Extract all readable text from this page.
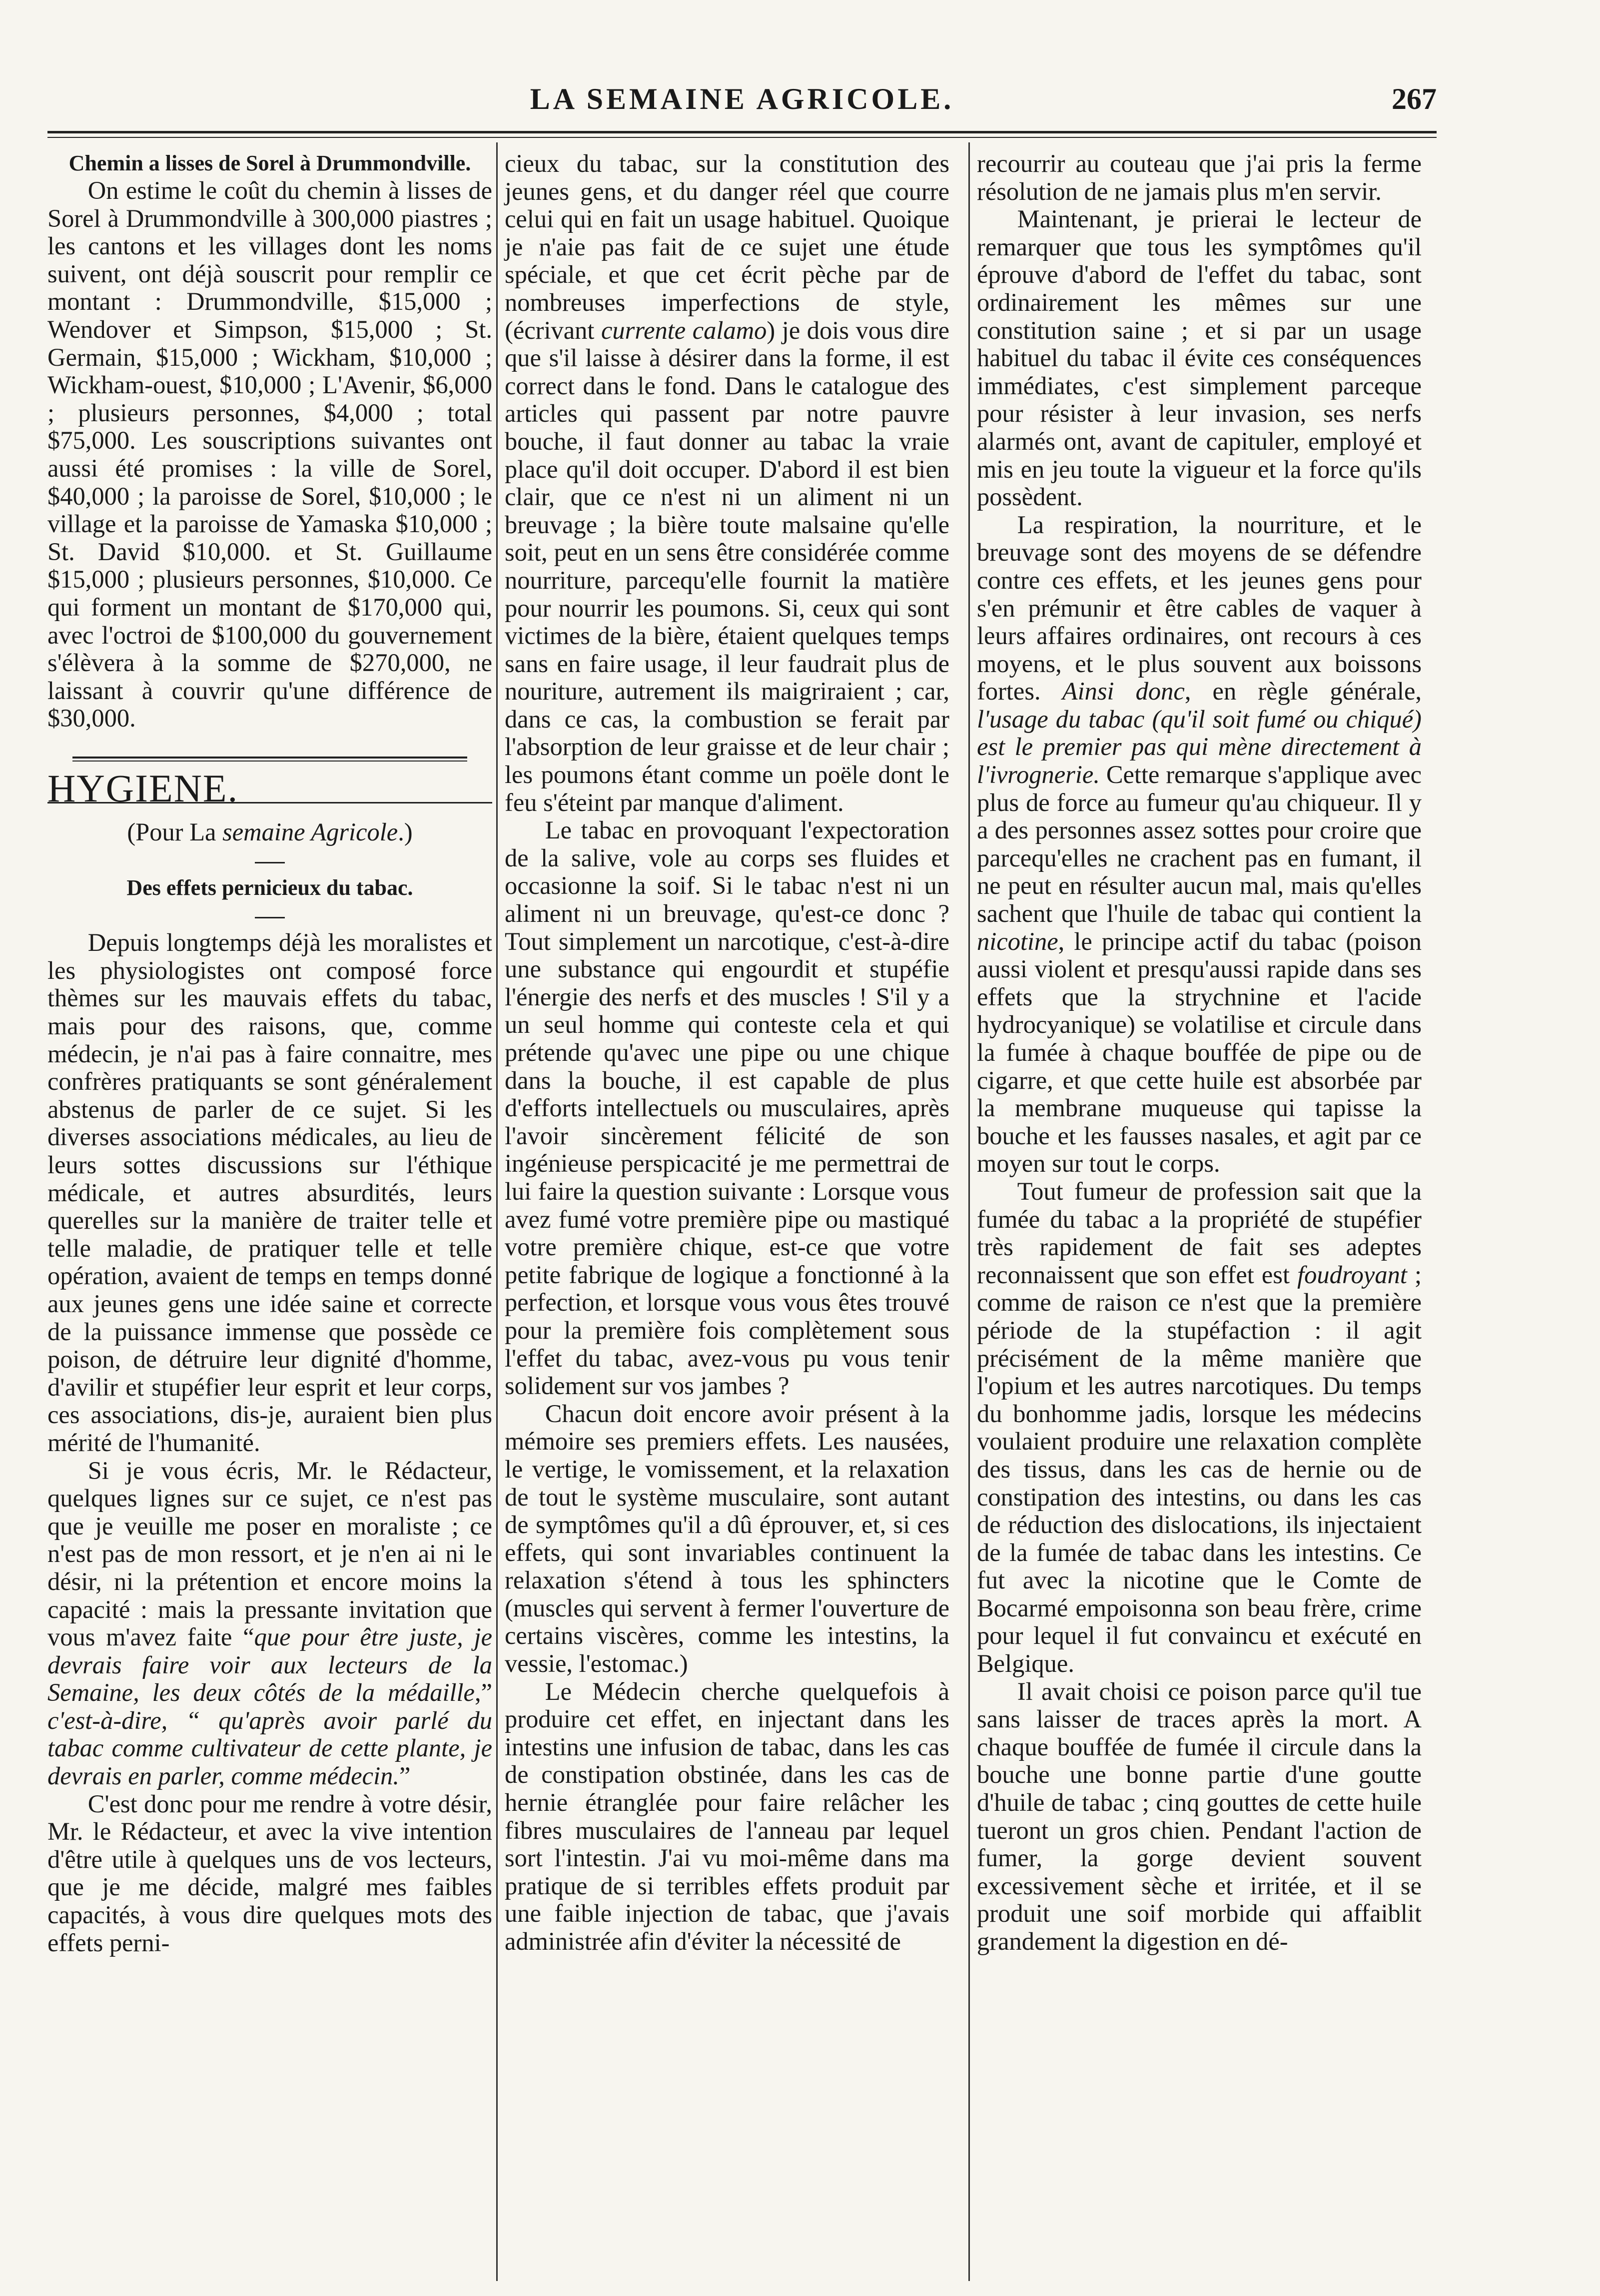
LA SEMAINE AGRICOLE.	267

Chemin a lisses de Sorel à Drummondville.

On estime le coût du chemin à lisses de Sorel à Drummondville à 300,000 piastres ; les cantons et les villages dont les noms suivent, ont déjà souscrit pour remplir ce montant : Drummondville, $15,000 ; Wendover et Simpson, $15,000 ; St. Germain, $15,000 ; Wickham, $10,000 ; Wickham-ouest, $10,000 ; L'Avenir, $6,000 ; plusieurs personnes, $4,000 ; total $75,000. Les souscriptions suivantes ont aussi été promises : la ville de Sorel, $40,000 ; la paroisse de Sorel, $10,000 ; le village et la paroisse de Yamaska $10,000 ; St. David $10,000. et St. Guillaume $15,000 ; plusieurs personnes, $10,000. Ce qui forment un montant de $170,000 qui, avec l'octroi de $100,000 du gouvernement s'élèvera à la somme de $270,000, ne laissant à couvrir qu'une différence de $30,000.

HYGIENE.

(Pour La semaine Agricole.)

Des effets pernicieux du tabac.

Depuis longtemps déjà les moralistes et les physiologistes ont composé force thèmes sur les mauvais effets du tabac, mais pour des raisons, que, comme médecin, je n'ai pas à faire connaitre, mes confrères pratiquants se sont généralement abstenus de parler de ce sujet. Si les diverses associations médicales, au lieu de leurs sottes discussions sur l'éthique médicale, et autres absurdités, leurs querelles sur la manière de traiter telle et telle maladie, de pratiquer telle et telle opération, avaient de temps en temps donné aux jeunes gens une idée saine et correcte de la puissance immense que possède ce poison, de détruire leur dignité d'homme, d'avilir et stupéfier leur esprit et leur corps, ces associations, dis-je, auraient bien plus mérité de l'humanité.

Si je vous écris, Mr. le Rédacteur, quelques lignes sur ce sujet, ce n'est pas que je veuille me poser en moraliste ; ce n'est pas de mon ressort, et je n'en ai ni le désir, ni la prétention et encore moins la capacité : mais la pressante invitation que vous m'avez faite “que pour être juste, je devrais faire voir aux lecteurs de la Semaine, les deux côtés de la médaille,” c'est-à-dire, “ qu'après avoir parlé du tabac comme cultivateur de cette plante, je devrais en parler, comme médecin.”

C'est donc pour me rendre à votre désir, Mr. le Rédacteur, et avec la vive intention d'être utile à quelques uns de vos lecteurs, que je me décide, malgré mes faibles capacités, à vous dire quelques mots des effets perni-

cieux du tabac, sur la constitution des jeunes gens, et du danger réel que courre celui qui en fait un usage habituel. Quoique je n'aie pas fait de ce sujet une étude spéciale, et que cet écrit pèche par de nombreuses imperfections de style, (écrivant currente calamo) je dois vous dire que s'il laisse à désirer dans la forme, il est correct dans le fond. Dans le catalogue des articles qui passent par notre pauvre bouche, il faut donner au tabac la vraie place qu'il doit occuper. D'abord il est bien clair, que ce n'est ni un aliment ni un breuvage ; la bière toute malsaine qu'elle soit, peut en un sens être considérée comme nourriture, parcequ'elle fournit la matière pour nourrir les poumons. Si, ceux qui sont victimes de la bière, étaient quelques temps sans en faire usage, il leur faudrait plus de nouriture, autrement ils maigriraient ; car, dans ce cas, la combustion se ferait par l'absorption de leur graisse et de leur chair ; les poumons étant comme un poële dont le feu s'éteint par manque d'aliment.

Le tabac en provoquant l'expectoration de la salive, vole au corps ses fluides et occasionne la soif. Si le tabac n'est ni un aliment ni un breuvage, qu'est-ce donc ? Tout simplement un narcotique, c'est-à-dire une substance qui engourdit et stupéfie l'énergie des nerfs et des muscles ! S'il y a un seul homme qui conteste cela et qui prétende qu'avec une pipe ou une chique dans la bouche, il est capable de plus d'efforts intellectuels ou musculaires, après l'avoir sincèrement félicité de son ingénieuse perspicacité je me permettrai de lui faire la question suivante : Lorsque vous avez fumé votre première pipe ou mastiqué votre première chique, est-ce que votre petite fabrique de logique a fonctionné à la perfection, et lorsque vous vous êtes trouvé pour la première fois complètement sous l'effet du tabac, avez-vous pu vous tenir solidement sur vos jambes ?

Chacun doit encore avoir présent à la mémoire ses premiers effets. Les nausées, le vertige, le vomissement, et la relaxation de tout le système musculaire, sont autant de symptômes qu'il a dû éprouver, et, si ces effets, qui sont invariables continuent la relaxation s'étend à tous les sphincters (muscles qui servent à fermer l'ouverture de certains viscères, comme les intestins, la vessie, l'estomac.)

Le Médecin cherche quelquefois à produire cet effet, en injectant dans les intestins une infusion de tabac, dans les cas de constipation obstinée, dans les cas de hernie étranglée pour faire relâcher les fibres musculaires de l'anneau par lequel sort l'intestin. J'ai vu moi-même dans ma pratique de si terribles effets produit par une faible injection de tabac, que j'avais administrée afin d'éviter la nécessité de

recourrir au couteau que j'ai pris la ferme résolution de ne jamais plus m'en servir.

Maintenant, je prierai le lecteur de remarquer que tous les symptômes qu'il éprouve d'abord de l'effet du tabac, sont ordinairement les mêmes sur une constitution saine ; et si par un usage habituel du tabac il évite ces conséquences immédiates, c'est simplement parceque pour résister à leur invasion, ses nerfs alarmés ont, avant de capituler, employé et mis en jeu toute la vigueur et la force qu'ils possèdent.

La respiration, la nourriture, et le breuvage sont des moyens de se défendre contre ces effets, et les jeunes gens pour s'en prémunir et être cables de vaquer à leurs affaires ordinaires, ont recours à ces moyens, et le plus souvent aux boissons fortes. Ainsi donc, en règle générale, l'usage du tabac (qu'il soit fumé ou chiqué) est le premier pas qui mène directement à l'ivrognerie. Cette remarque s'applique avec plus de force au fumeur qu'au chiqueur. Il y a des personnes assez sottes pour croire que parcequ'elles ne crachent pas en fumant, il ne peut en résulter aucun mal, mais qu'elles sachent que l'huile de tabac qui contient la nicotine, le principe actif du tabac (poison aussi violent et presqu'aussi rapide dans ses effets que la strychnine et l'acide hydrocyanique) se volatilise et circule dans la fumée à chaque bouffée de pipe ou de cigarre, et que cette huile est absorbée par la membrane muqueuse qui tapisse la bouche et les fausses nasales, et agit par ce moyen sur tout le corps.

Tout fumeur de profession sait que la fumée du tabac a la propriété de stupéfier très rapidement de fait ses adeptes reconnaissent que son effet est foudroyant ; comme de raison ce n'est que la première période de la stupéfaction : il agit précisément de la même manière que l'opium et les autres narcotiques. Du temps du bonhomme jadis, lorsque les médecins voulaient produire une relaxation complète des tissus, dans les cas de hernie ou de constipation des intestins, ou dans les cas de réduction des dislocations, ils injectaient de la fumée de tabac dans les intestins. Ce fut avec la nicotine que le Comte de Bocarmé empoisonna son beau frère, crime pour lequel il fut convaincu et exécuté en Belgique.

Il avait choisi ce poison parce qu'il tue sans laisser de traces après la mort. A chaque bouffée de fumée il circule dans la bouche une bonne partie d'une goutte d'huile de tabac ; cinq gouttes de cette huile tueront un gros chien. Pendant l'action de fumer, la gorge devient souvent excessivement sèche et irritée, et il se produit une soif morbide qui affaiblit grandement la digestion en dé-
